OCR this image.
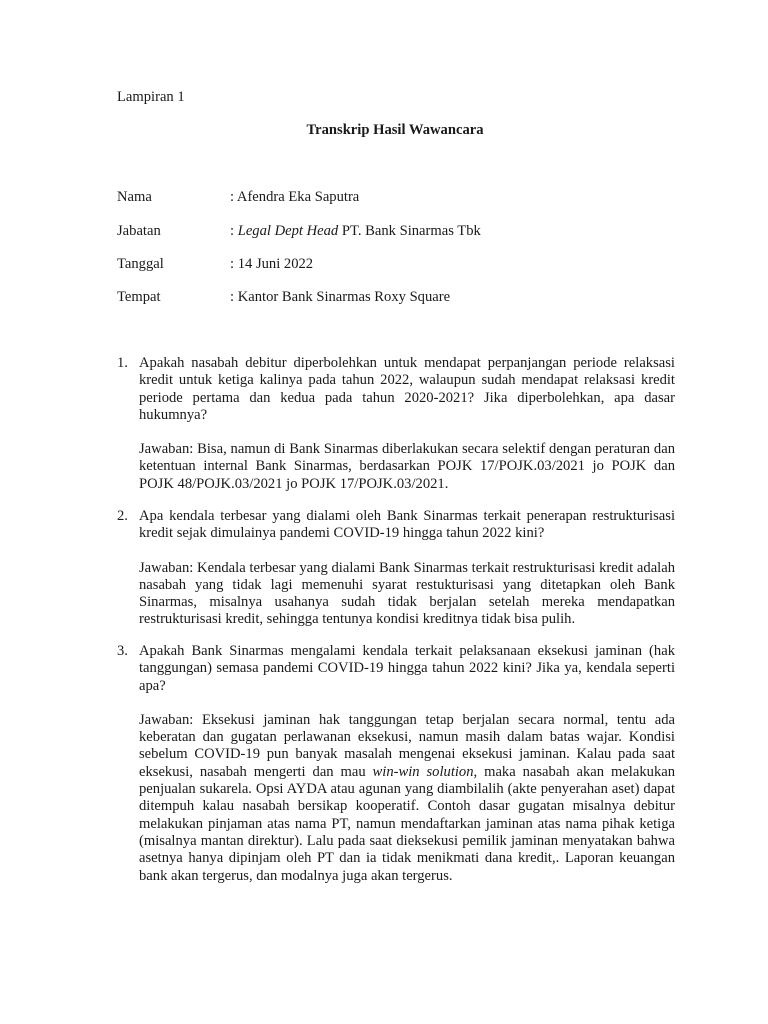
Lampiran 1
Transkrip Hasil Wawancara
Nama	: Afendra Eka Saputra
Jabatan	: Legal Dept Head PT. Bank Sinarmas Tbk
Tanggal	: 14 Juni 2022
Tempat	: Kantor Bank Sinarmas Roxy Square
1. Apakah nasabah debitur diperbolehkan untuk mendapat perpanjangan periode relaksasi kredit untuk ketiga kalinya pada tahun 2022, walaupun sudah mendapat relaksasi kredit periode pertama dan kedua pada tahun 2020-2021? Jika diperbolehkan, apa dasar hukumnya?
Jawaban: Bisa, namun di Bank Sinarmas diberlakukan secara selektif dengan peraturan dan ketentuan internal Bank Sinarmas, berdasarkan POJK 17/POJK.03/2021 jo POJK dan POJK 48/POJK.03/2021 jo POJK 17/POJK.03/2021.
2. Apa kendala terbesar yang dialami oleh Bank Sinarmas terkait penerapan restrukturisasi kredit sejak dimulainya pandemi COVID-19 hingga tahun 2022 kini?
Jawaban: Kendala terbesar yang dialami Bank Sinarmas terkait restrukturisasi kredit adalah nasabah yang tidak lagi memenuhi syarat restukturisasi yang ditetapkan oleh Bank Sinarmas, misalnya usahanya sudah tidak berjalan setelah mereka mendapatkan restrukturisasi kredit, sehingga tentunya kondisi kreditnya tidak bisa pulih.
3. Apakah Bank Sinarmas mengalami kendala terkait pelaksanaan eksekusi jaminan (hak tanggungan) semasa pandemi COVID-19 hingga tahun 2022 kini? Jika ya, kendala seperti apa?
Jawaban: Eksekusi jaminan hak tanggungan tetap berjalan secara normal, tentu ada keberatan dan gugatan perlawanan eksekusi, namun masih dalam batas wajar. Kondisi sebelum COVID-19 pun banyak masalah mengenai eksekusi jaminan. Kalau pada saat eksekusi, nasabah mengerti dan mau win-win solution, maka nasabah akan melakukan penjualan sukarela. Opsi AYDA atau agunan yang diambilalih (akte penyerahan aset) dapat ditempuh kalau nasabah bersikap kooperatif. Contoh dasar gugatan misalnya debitur melakukan pinjaman atas nama PT, namun mendaftarkan jaminan atas nama pihak ketiga (misalnya mantan direktur). Lalu pada saat dieksekusi pemilik jaminan menyatakan bahwa asetnya hanya dipinjam oleh PT dan ia tidak menikmati dana kredit,. Laporan keuangan bank akan tergerus, dan modalnya juga akan tergerus.
